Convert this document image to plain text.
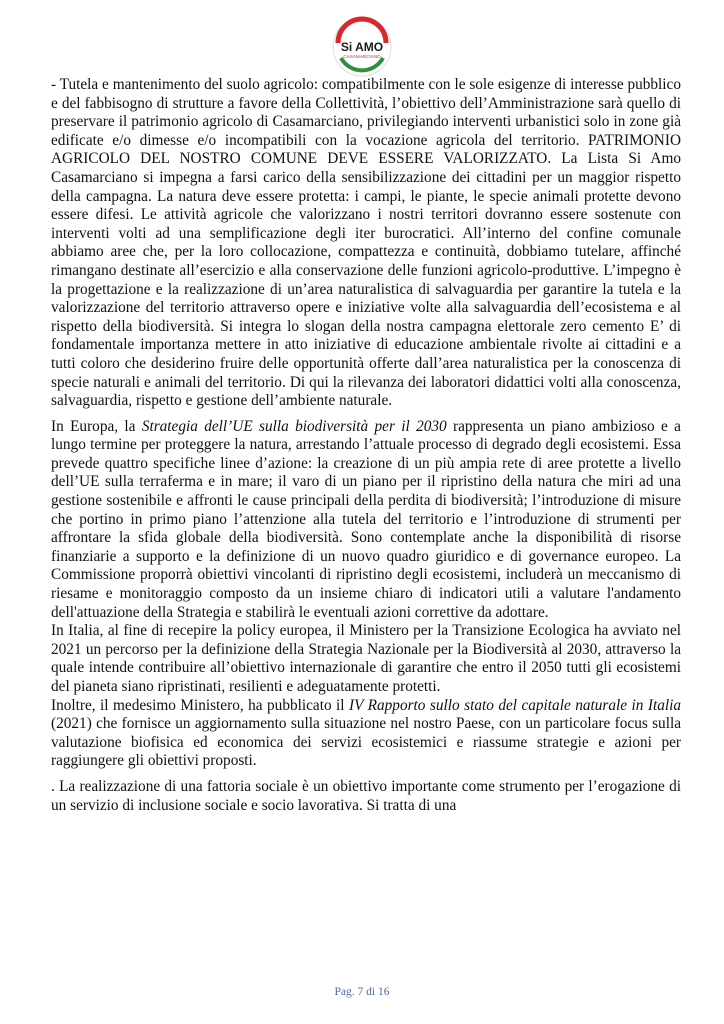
Si AMO
CASAMARCIANO

- Tutela e mantenimento del suolo agricolo: compatibilmente con le sole esigenze di interesse pubblico e del fabbisogno di strutture a favore della Collettività, l’obiettivo dell’Amministrazione sarà quello di preservare il patrimonio agricolo di Casamarciano, privilegiando interventi urbanistici solo in zone già edificate e/o dimesse e/o incompatibili con la vocazione agricola del territorio. PATRIMONIO AGRICOLO DEL NOSTRO COMUNE DEVE ESSERE VALORIZZATO. La Lista Si Amo Casamarciano si impegna a farsi carico della sensibilizzazione dei cittadini per un maggior rispetto della campagna. La natura deve essere protetta: i campi, le piante, le specie animali protette devono essere difesi. Le attività agricole che valorizzano i nostri territori dovranno essere sostenute con interventi volti ad una semplificazione degli iter burocratici. All’interno del confine comunale abbiamo aree che, per la loro collocazione, compattezza e continuità, dobbiamo tutelare, affinché rimangano destinate all’esercizio e alla conservazione delle funzioni agricolo-produttive. L’impegno è la progettazione e la realizzazione di un’area naturalistica di salvaguardia per garantire la tutela e la valorizzazione del territorio attraverso opere e iniziative volte alla salvaguardia dell’ecosistema e al rispetto della biodiversità. Si integra lo slogan della nostra campagna elettorale zero cemento E’ di fondamentale importanza mettere in atto iniziative di educazione ambientale rivolte ai cittadini e a tutti coloro che desiderino fruire delle opportunità offerte dall’area naturalistica per la conoscenza di specie naturali e animali del territorio. Di qui la rilevanza dei laboratori didattici volti alla conoscenza, salvaguardia, rispetto e gestione dell’ambiente naturale.

In Europa, la Strategia dell’UE sulla biodiversità per il 2030 rappresenta un piano ambizioso e a lungo termine per proteggere la natura, arrestando l’attuale processo di degrado degli ecosistemi. Essa prevede quattro specifiche linee d’azione: la creazione di un più ampia rete di aree protette a livello dell’UE sulla terraferma e in mare; il varo di un piano per il ripristino della natura che miri ad una gestione sostenibile e affronti le cause principali della perdita di biodiversità; l’introduzione di misure che portino in primo piano l’attenzione alla tutela del territorio e l’introduzione di strumenti per affrontare la sfida globale della biodiversità. Sono contemplate anche la disponibilità di risorse finanziarie a supporto e la definizione di un nuovo quadro giuridico e di governance europeo. La Commissione proporrà obiettivi vincolanti di ripristino degli ecosistemi, includerà un meccanismo di riesame e monitoraggio composto da un insieme chiaro di indicatori utili a valutare l'andamento dell'attuazione della Strategia e stabilirà le eventuali azioni correttive da adottare.

In Italia, al fine di recepire la policy europea, il Ministero per la Transizione Ecologica ha avviato nel 2021 un percorso per la definizione della Strategia Nazionale per la Biodiversità al 2030, attraverso la quale intende contribuire all’obiettivo internazionale di garantire che entro il 2050 tutti gli ecosistemi del pianeta siano ripristinati, resilienti e adeguatamente protetti.

Inoltre, il medesimo Ministero, ha pubblicato il IV Rapporto sullo stato del capitale naturale in Italia (2021) che fornisce un aggiornamento sulla situazione nel nostro Paese, con un particolare focus sulla valutazione biofisica ed economica dei servizi ecosistemici e riassume strategie e azioni per raggiungere gli obiettivi proposti.

. La realizzazione di una fattoria sociale è un obiettivo importante come strumento per l’erogazione di un servizio di inclusione sociale e socio lavorativa. Si tratta di una

Pag. 7 di 16
